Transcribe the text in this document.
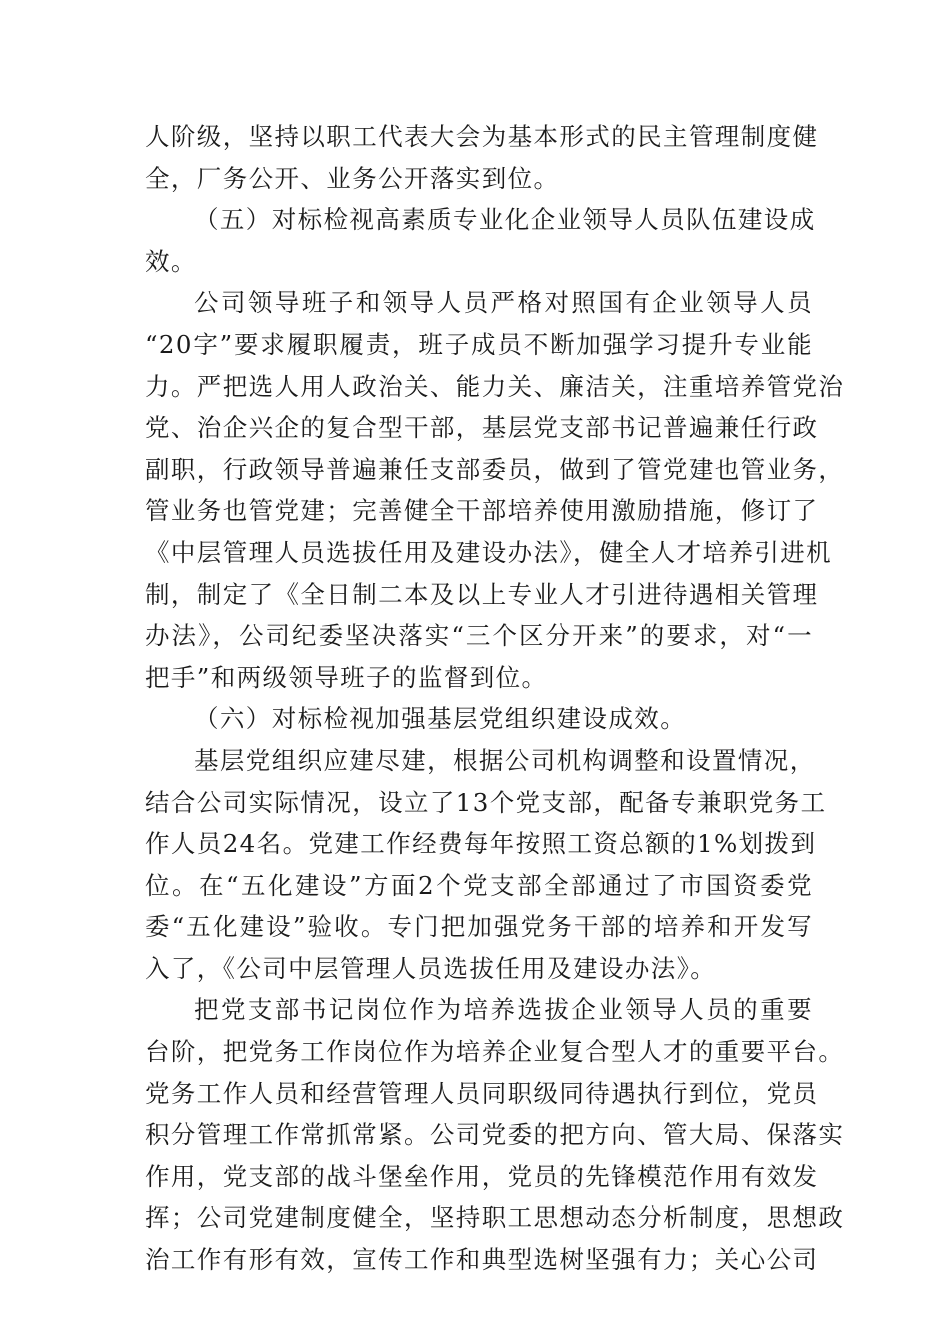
人阶级，坚持以职工代表大会为基本形式的民主管理制度健
全，厂务公开、业务公开落实到位。
（五）对标检视高素质专业化企业领导人员队伍建设成
效。
公司领导班子和领导人员严格对照国有企业领导人员
“20字”要求履职履责，班子成员不断加强学习提升专业能
力。严把选人用人政治关、能力关、廉洁关，注重培养管党治
党、治企兴企的复合型干部，基层党支部书记普遍兼任行政
副职，行政领导普遍兼任支部委员，做到了管党建也管业务，
管业务也管党建；完善健全干部培养使用激励措施，修订了
《中层管理人员选拔任用及建设办法》，健全人才培养引进机
制，制定了《全日制二本及以上专业人才引进待遇相关管理
办法》，公司纪委坚决落实“三个区分开来”的要求，对“一
把手”和两级领导班子的监督到位。
（六）对标检视加强基层党组织建设成效。
基层党组织应建尽建，根据公司机构调整和设置情况，
结合公司实际情况，设立了13个党支部，配备专兼职党务工
作人员24名。党建工作经费每年按照工资总额的1%划拨到
位。在“五化建设”方面2个党支部全部通过了市国资委党
委“五化建设”验收。专门把加强党务干部的培养和开发写
入了，《公司中层管理人员选拔任用及建设办法》。
把党支部书记岗位作为培养选拔企业领导人员的重要
台阶，把党务工作岗位作为培养企业复合型人才的重要平台。
党务工作人员和经营管理人员同职级同待遇执行到位，党员
积分管理工作常抓常紧。公司党委的把方向、管大局、保落实
作用，党支部的战斗堡垒作用，党员的先锋模范作用有效发
挥；公司党建制度健全，坚持职工思想动态分析制度，思想政
治工作有形有效，宣传工作和典型选树坚强有力；关心公司
